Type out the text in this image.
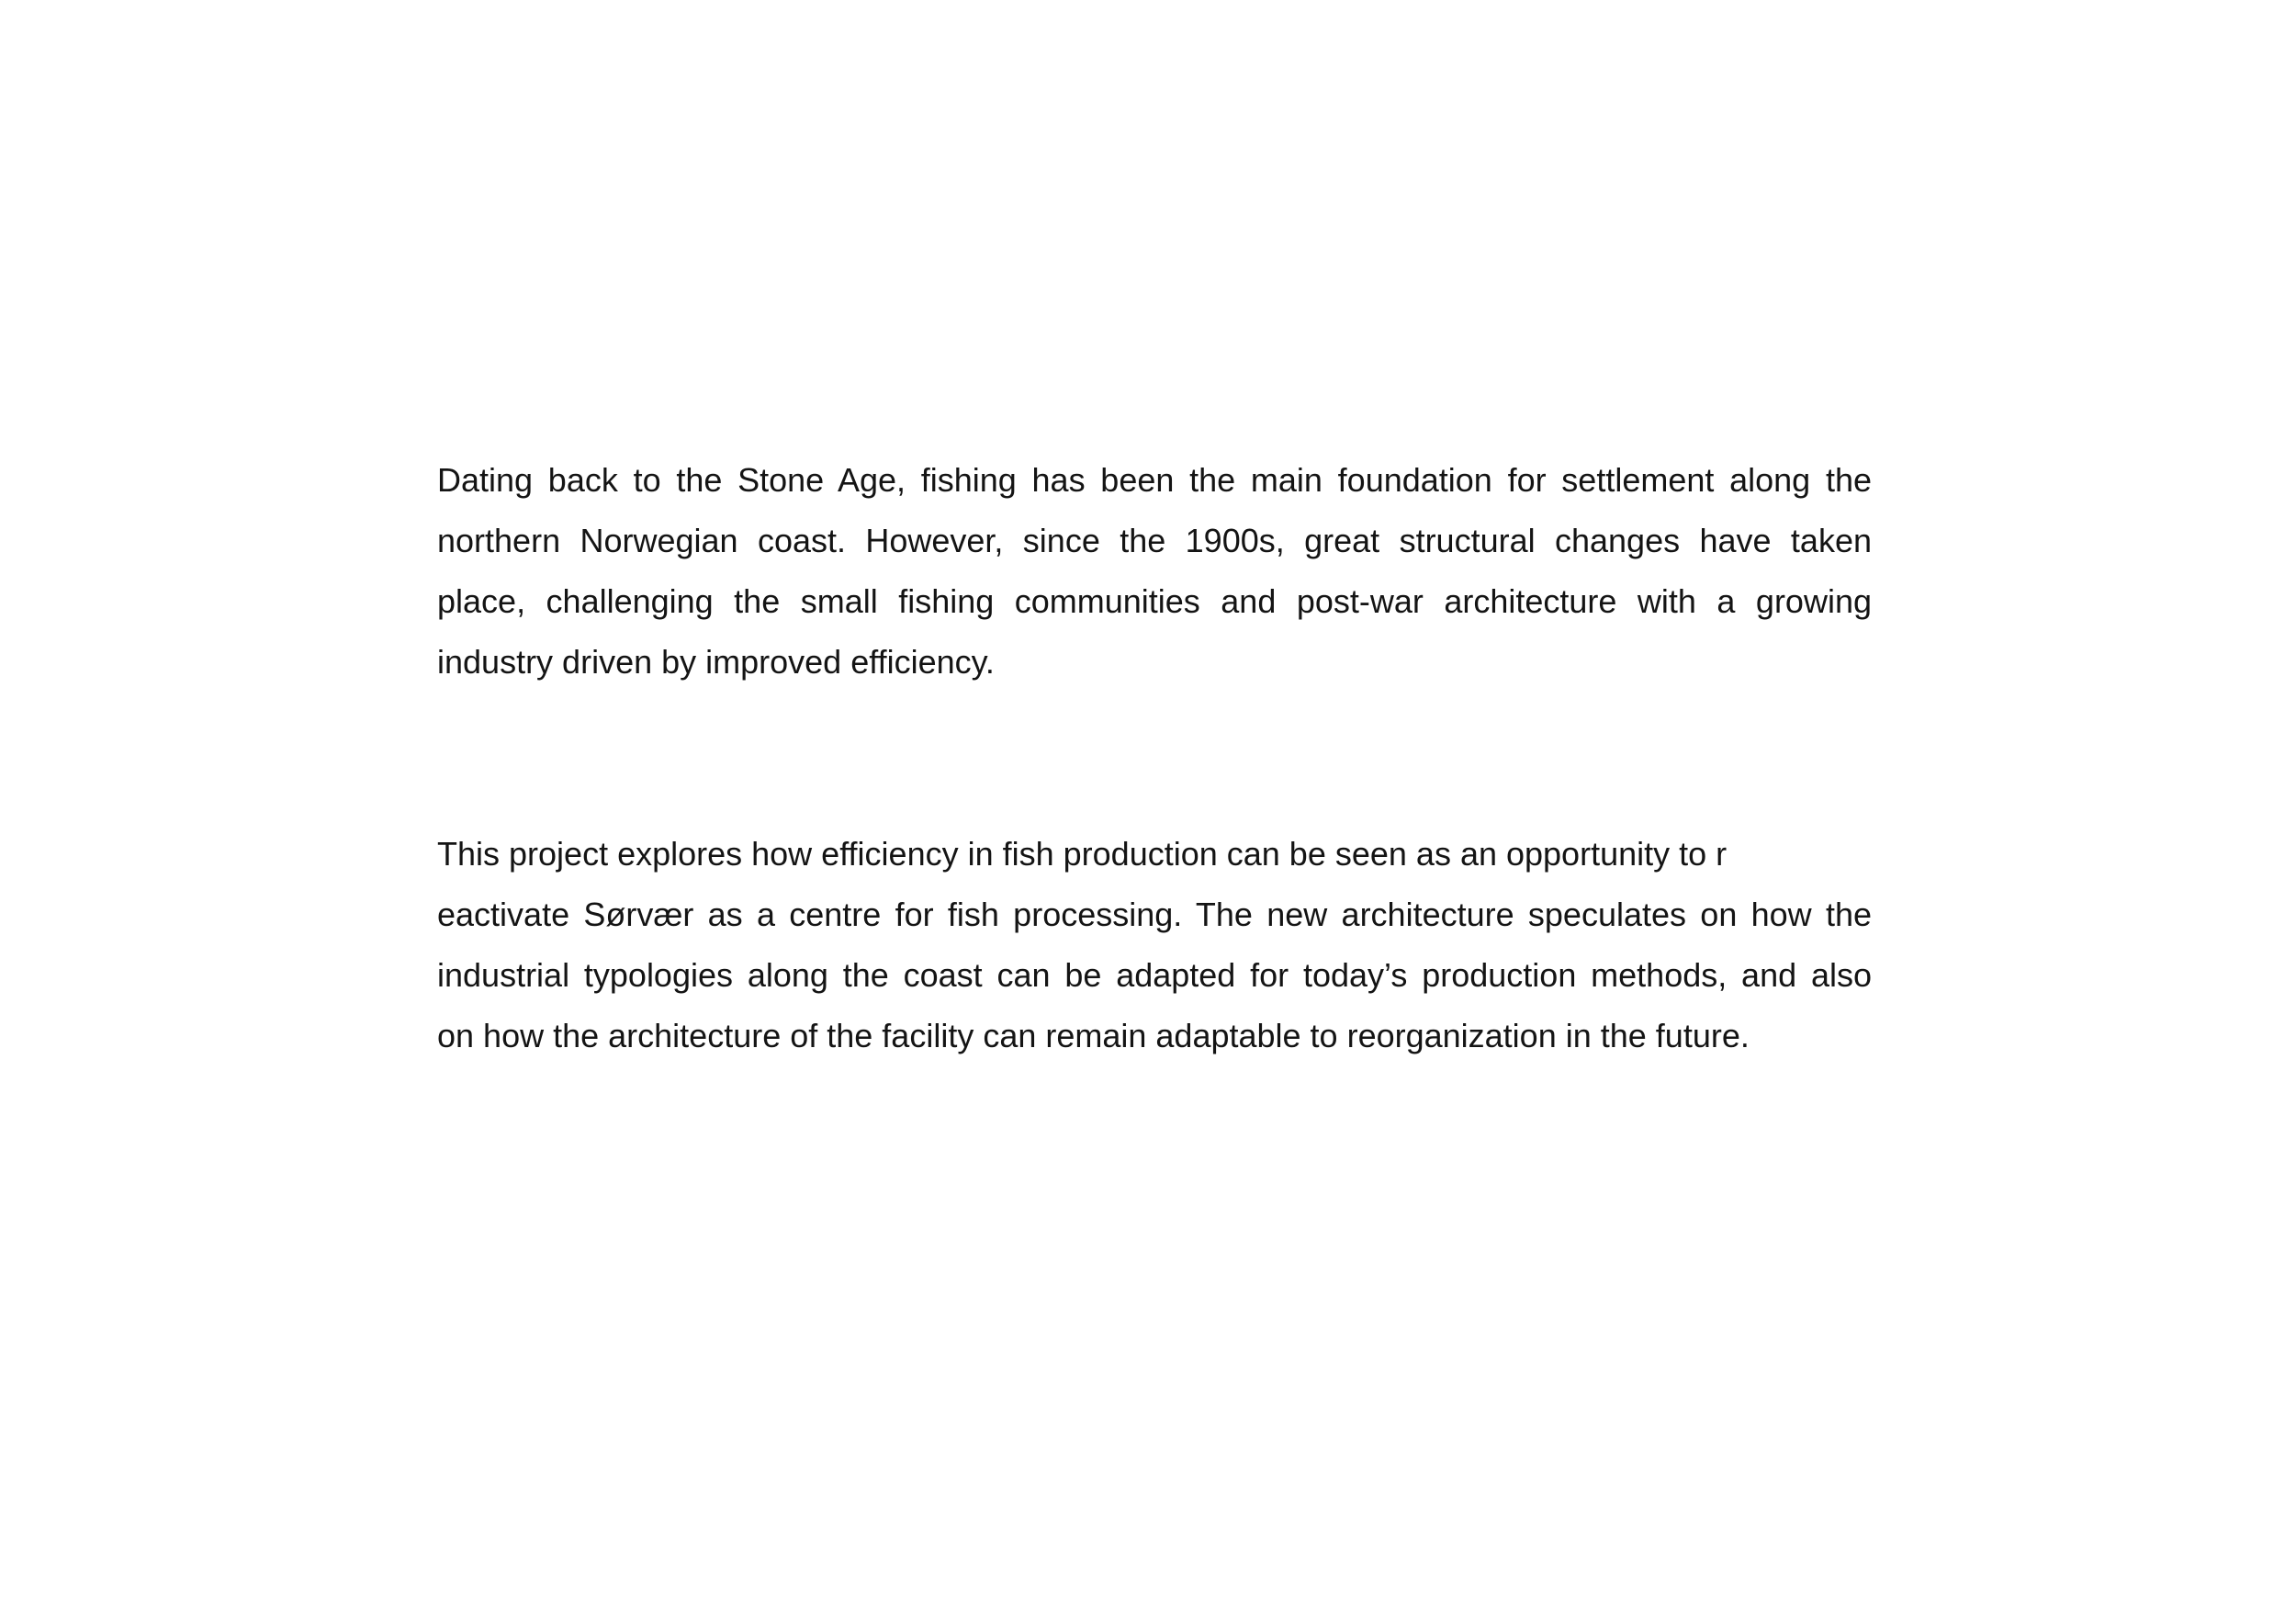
Dating back to the Stone Age, fishing has been the main foundation for settlement along the
northern Norwegian coast. However, since the 1900s, great structural changes have taken
place, challenging the small fishing communities and post-war architecture with a growing
industry driven by improved efficiency.
This project explores how efficiency in fish production can be seen as an opportunity to r
eactivate Sørvær as a centre for fish processing. The new architecture speculates on how the
industrial typologies along the coast can be adapted for today’s production methods, and also
on how the architecture of the facility can remain adaptable to reorganization in the future.
